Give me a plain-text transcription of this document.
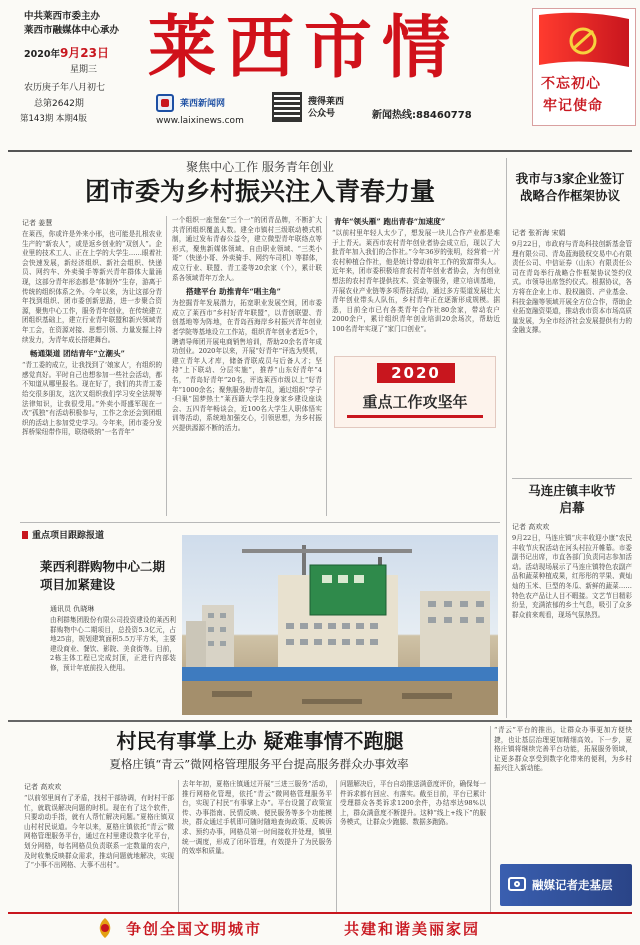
中共莱西市委主办
莱西市融媒体中心承办
2020年9月23日
星期三
农历庚子年八月初七
总第2642期
第143期 本期4版
莱西市情
莱西新闻网
www.laixinews.com
搜得莱西
公众号	新闻热线:88460778
不忘初心
牢记使命
聚焦中心工作 服务青年创业
团市委为乡村振兴注入青春力量
记者 姜慧
在莱西，你或许是外来小邢，也可能是扎根农业生产的“新农人”，或是返乡创业的“双创人”。企业里的技术工人、正在上学的大学生……眼着社会快速发展，新经济组织、新社会组织、快递员、网约车、外卖骑手等新兴青年群体大量涌现，这部分青年形态都是“体制外”生存，游离于传统的组织体系之外。今年以来，为让这部分青年找到组织、团市委创新思路，进一步聚合资源，聚焦中心工作，服务青年创业，在传统建立团组织基础上，建立行业青年联盟和新兴领域青年工会，在资源对接、思想引领、力量发掘上持续发力，为青年成长搭建舞台。
畅通渠道 团结青年“立潮头”
“青工委的成立，让我找到了‘娘家人’，有组织的感觉真好。平时自己也想参加一些社会活动，都不知道从哪里报名。现在好了，我们的共青工委给交很多朋友，这次又组织我们学习安全法规等法律知识，让我很受用。”外卖小哥盛军现在一改“孤独”有活动积极参与，工作之余还会到团组织的活动上参加党史学习。今年来，团市委分发挥桥梁纽带作用，联络吸纳“一名青年“
一个组织一座堡垒”三个一”的团青品牌，不断扩大共青团组织覆盖人数。建全市镇村三级联动模式机制，通过发布青春公益令，建立微型青年联络点等形式，聚焦新媒体领域、自由职业领域、“三类小哥”（快递小哥、外卖骑手、网约车司机）等群体，成立行业、联盟、青工委等20余家（个），累计联系各领域青年万余人。
搭建平台 助推青年“唱主角”
为挖掘青年发展潜力，拓宽职业发展空间，团市委成立了莱西市“乡村好青年联盟”，以青创联盟、青创基地等为阵地，在青岛西海岸乡村振兴青年创业者学院等基地设立工作站，组织青年创业者近5个，聘请导师团开展电商销售培训，帮助20余名青年成功创业。2020年以来，开展“好青年”评选为契机，建立青年人才库，储备青联成员与后备人才；坚持“上下联动、分层实施”，推荐“山东好青年”4名，“青岛好青年”20名，评选莱西市级以上“好青年”1000余名；聚焦服务助青年员，通过组织“学子·归巢”国梦热土”莱西籍大学生投身家乡建设座谈会、五四青年畅谈会，近100名大学生人职体悟实训等活动，系统地加强交心，引领思想，为乡村振兴提供源源不断的活力。
青年“领头雁” 跑出青春“加速度”
“以前村里年轻人太少了，想发展一块儿合作产业都是难于上青天。莱西市农村青年创业者协会成立后，现以了大批青年加入我们的合作社。”今年36岁的张明，经营着一片农村种植合作社，他是统计带动前年工作的致富带头人。近年来，团市委积极培育农村青年创业者协会，为有创业想法的农村青年提供技术、资金等服务，建立培训基地，开展农业产业链等多项帮扶活动，通过多方渠道发展壮大青年创业带头人队伍，乡村青年正在逐渐形成规模。据悉，目前全市已有各类青年合作社80余家，带动农户2000余户，累计组织青年创业培训20余场次，帮助近100名青年实现了“家门口创业”。
2020
重点工作攻坚年
我市与3家企业签订战略合作框架协议
记者 张祈海 宋娟
9月22日，市政府与青岛科技创新基金管理有限公司、青岛蓝海股权交易中心有限责任公司、中信证券（山东）有限责任公司在青岛举行战略合作框架协议签约仪式。市领导出席签约仪式。根据协议，各方将在企业上市、股权融资、产业基金、科技金融等领域开展全方位合作，帮助企业拓宽融资渠道，推动我市资本市场高质量发展，为全市经济社会发展提供有力的金融支撑。
马连庄镇丰收节启幕
记者 高欢欢
9月22日，马连庄镇“庆丰收迎小康”农民丰收节庆祝活动在河头村拉开帷幕。市委副书记出席，市直各部门负责同志参加活动。活动现场展示了马连庄镇特色农副产品和蔬菜种植成果，红彤彤的苹果、黄灿灿的玉米、巨型的冬瓜、新鲜的蔬菜……特色农产品让人目不暇接。文艺节目精彩纷呈，充满浓郁的乡土气息，吸引了众多群众前来观看，现场气氛热烈。
重点项目跟踪报道
莱西利群购物中心二期项目加紧建设
通讯员 仇晓琳
由利群集团股份有限公司投资建设的莱西利群购物中心二期项目，总投资5.3亿元，占地25亩，规划建筑面积5.5万平方米，主要建设商业、餐饮、影院、美食街等。目前，2栋主体工程已完成封顶，正进行内部装修，预计年底前投入使用。
村民有事掌上办 疑难事情不跑腿
夏格庄镇“青云”微网格管理服务平台提高服务群众办事效率
记者 高欢欢
“以前邻里间有了矛盾，找村干部协调，有时村干部忙，就耽误解决问题的时机。现在有了这个软件，只要动动手指，就有人帮忙解决问题。”夏格庄镇双山村村民说道。今年以来，夏格庄镇依托“青云”微网格管理服务平台，通过在村里建设数字化平台，划分网格，每名网格员负责联系一定数量的农户，及时收集反映群众需求，推动问题就地解决，实现了“小事不出网格、大事不出村”。
去年年初，夏格庄镇通过开展“三进三服务”活动，推行网格化管理，依托“青云”微网格管理服务平台，实现了村民“有事掌上办”。平台设置了政策宣传、办事指南、民情反映、便民服务等多个功能模块，群众通过手机即可随时随地查询政策、反映诉求、预约办事，网格员第一时间接收并处理，镇里统一调度，形成了闭环管理，有效提升了为民服务的效率和质量。
问题解决后，平台自动推送满意度评价，确保每一件诉求都有回应、有落实。截至目前，平台已累计受理群众各类诉求1200余件，办结率达98%以上，群众满意度不断提升。这种“线上+线下”的服务模式，让群众少跑腿、数据多跑路。
“青云”平台的推出，让群众办事更加方便快捷，也让基层治理更加精细高效。下一步，夏格庄镇将继续完善平台功能，拓展服务领域，让更多群众享受到数字化带来的便利，为乡村振兴注入新动能。
融媒记者走基层
争创全国文明城市	共建和谐美丽家园
